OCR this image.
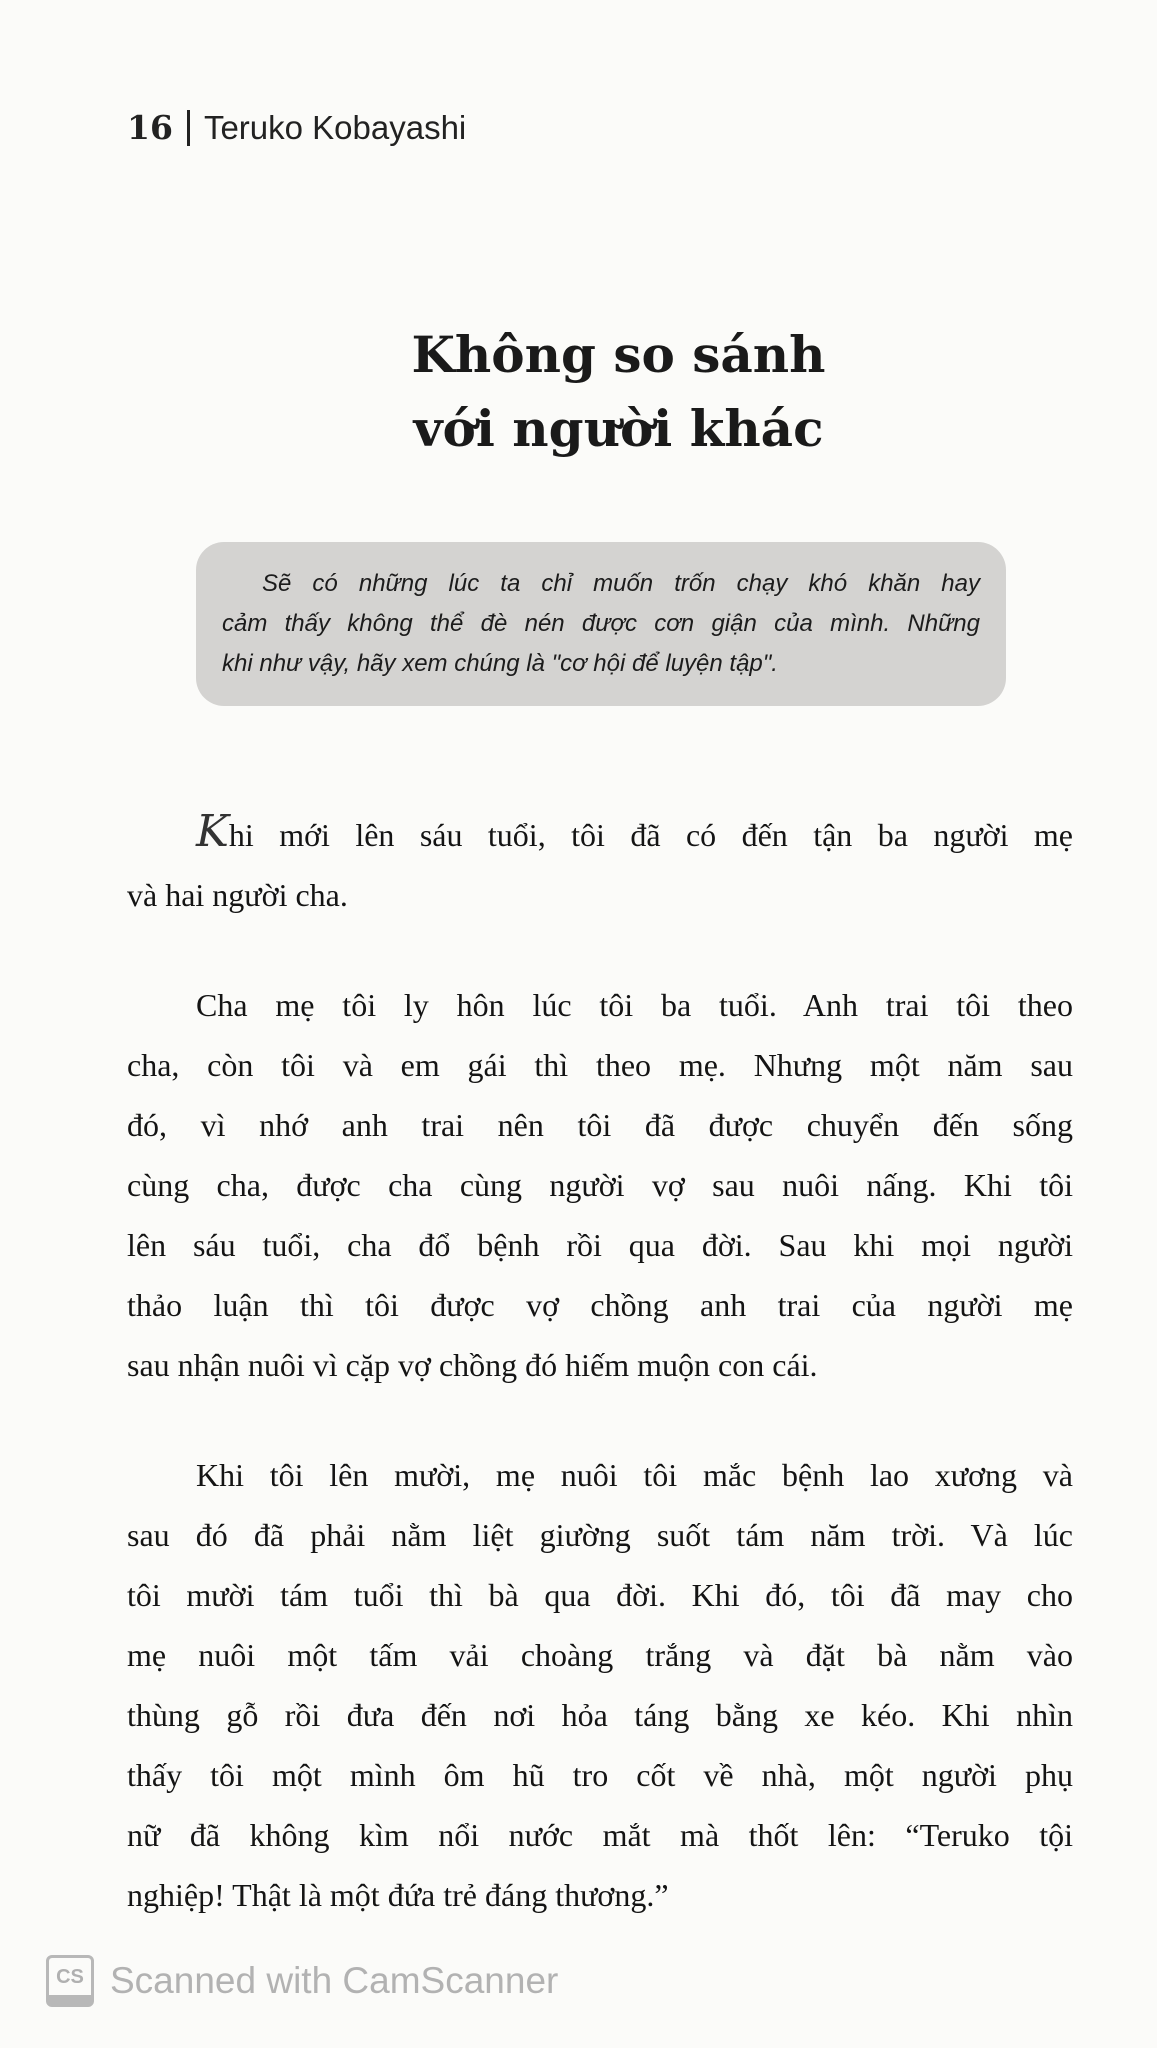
16 Teruko Kobayashi
Không so sánh
với người khác
Sẽ có những lúc ta chỉ muốn trốn chạy khó khăn hay
cảm thấy không thể đè nén được cơn giận của mình. Những
khi như vậy, hãy xem chúng là "cơ hội để luyện tập".
Khi mới lên sáu tuổi, tôi đã có đến tận ba người mẹ
và hai người cha.
Cha mẹ tôi ly hôn lúc tôi ba tuổi. Anh trai tôi theo
cha, còn tôi và em gái thì theo mẹ. Nhưng một năm sau
đó, vì nhớ anh trai nên tôi đã được chuyển đến sống
cùng cha, được cha cùng người vợ sau nuôi nấng. Khi tôi
lên sáu tuổi, cha đổ bệnh rồi qua đời. Sau khi mọi người
thảo luận thì tôi được vợ chồng anh trai của người mẹ
sau nhận nuôi vì cặp vợ chồng đó hiếm muộn con cái.
Khi tôi lên mười, mẹ nuôi tôi mắc bệnh lao xương và
sau đó đã phải nằm liệt giường suốt tám năm trời. Và lúc
tôi mười tám tuổi thì bà qua đời. Khi đó, tôi đã may cho
mẹ nuôi một tấm vải choàng trắng và đặt bà nằm vào
thùng gỗ rồi đưa đến nơi hỏa táng bằng xe kéo. Khi nhìn
thấy tôi một mình ôm hũ tro cốt về nhà, một người phụ
nữ đã không kìm nổi nước mắt mà thốt lên: “Teruko tội
nghiệp! Thật là một đứa trẻ đáng thương.”
CS Scanned with CamScanner
